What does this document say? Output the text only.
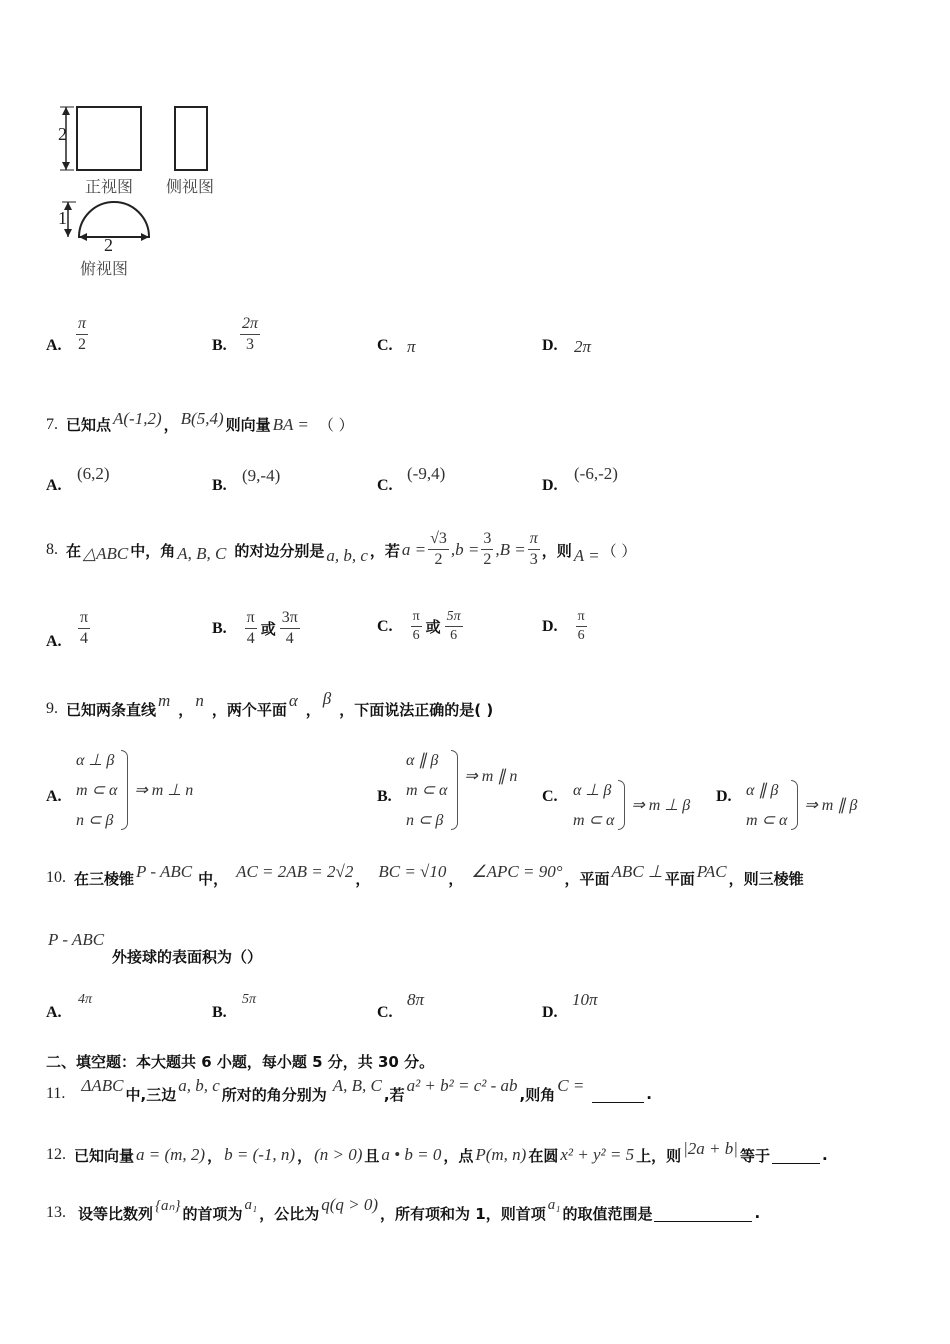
2
1
2
正视图 侧视图
俯视图
A. $\frac{\pi}{2}$	B. $\frac{2\pi}{3}$	C. π	D. 2π
7. 已知点 A(-1,2) ， B(5,4) 则向量 BA = （ ）
A.
(6,2)
B.
(9,-4)
C.
(-9,4)
D.
(-6,-2)
8. 在 △ABC 中，角 A, B, C 的对边分别是 a, b, c ，若 $a = \frac{√3}{2} ,b = \frac{3}{2} ,B = \frac{\pi}{3}$ ，则 A = （ ）
A. $\frac{\pi}{4}$	B. $\frac{\pi}{4}$ 或 $\frac{3\pi}{4}$	C. $\frac{\pi}{6}$ 或 $\frac{5\pi}{6}$	D. $\frac{\pi}{6}$
9. 已知两条直线 m ， n ，两个平面 α ，
β
，下面说法正确的是( )
A.
α ⊥ β
m ⊂ α
n ⊂ β
⇒ m ⊥ n	B.
α ∥ β
m ⊂ α
n ⊂ β
⇒ m ∥ n
C. α ⊥ β
m ⊂ α
⇒ m ⊥ β
D. α ∥ β
m ⊂ α
⇒ m ∥ β
10. 在三棱锥 P - ABC 中， AC = 2AB = 2√2 ， BC = √10 ， ∠APC = 90° ，平面 ABC ⊥ 平面 PAC ，则三棱锥
P - ABC
外接球的表面积为（）
A.
4π
B.
5π
C.
8π
D.
10π
二、填空题：本大题共 6 小题，每小题 5 分，共 30 分。
11. ΔABC 中,三边 a, b, c 所对的角分别为 A, B, C ,若 a² + b² = c² - ab ,则角 C =	.
12. 已知向量 a = (m, 2) ， b = (-1, n) ， (n > 0) 且 a • b = 0 ，点 P(m, n) 在圆 x² + y² = 5 上，则 |2a + b| 等于	.
13. 设等比数列 {aₙ} 的首项为 a₁ ，公比为 q(q > 0) ，所有项和为 1，则首项 a₁ 的取值范围是	.
